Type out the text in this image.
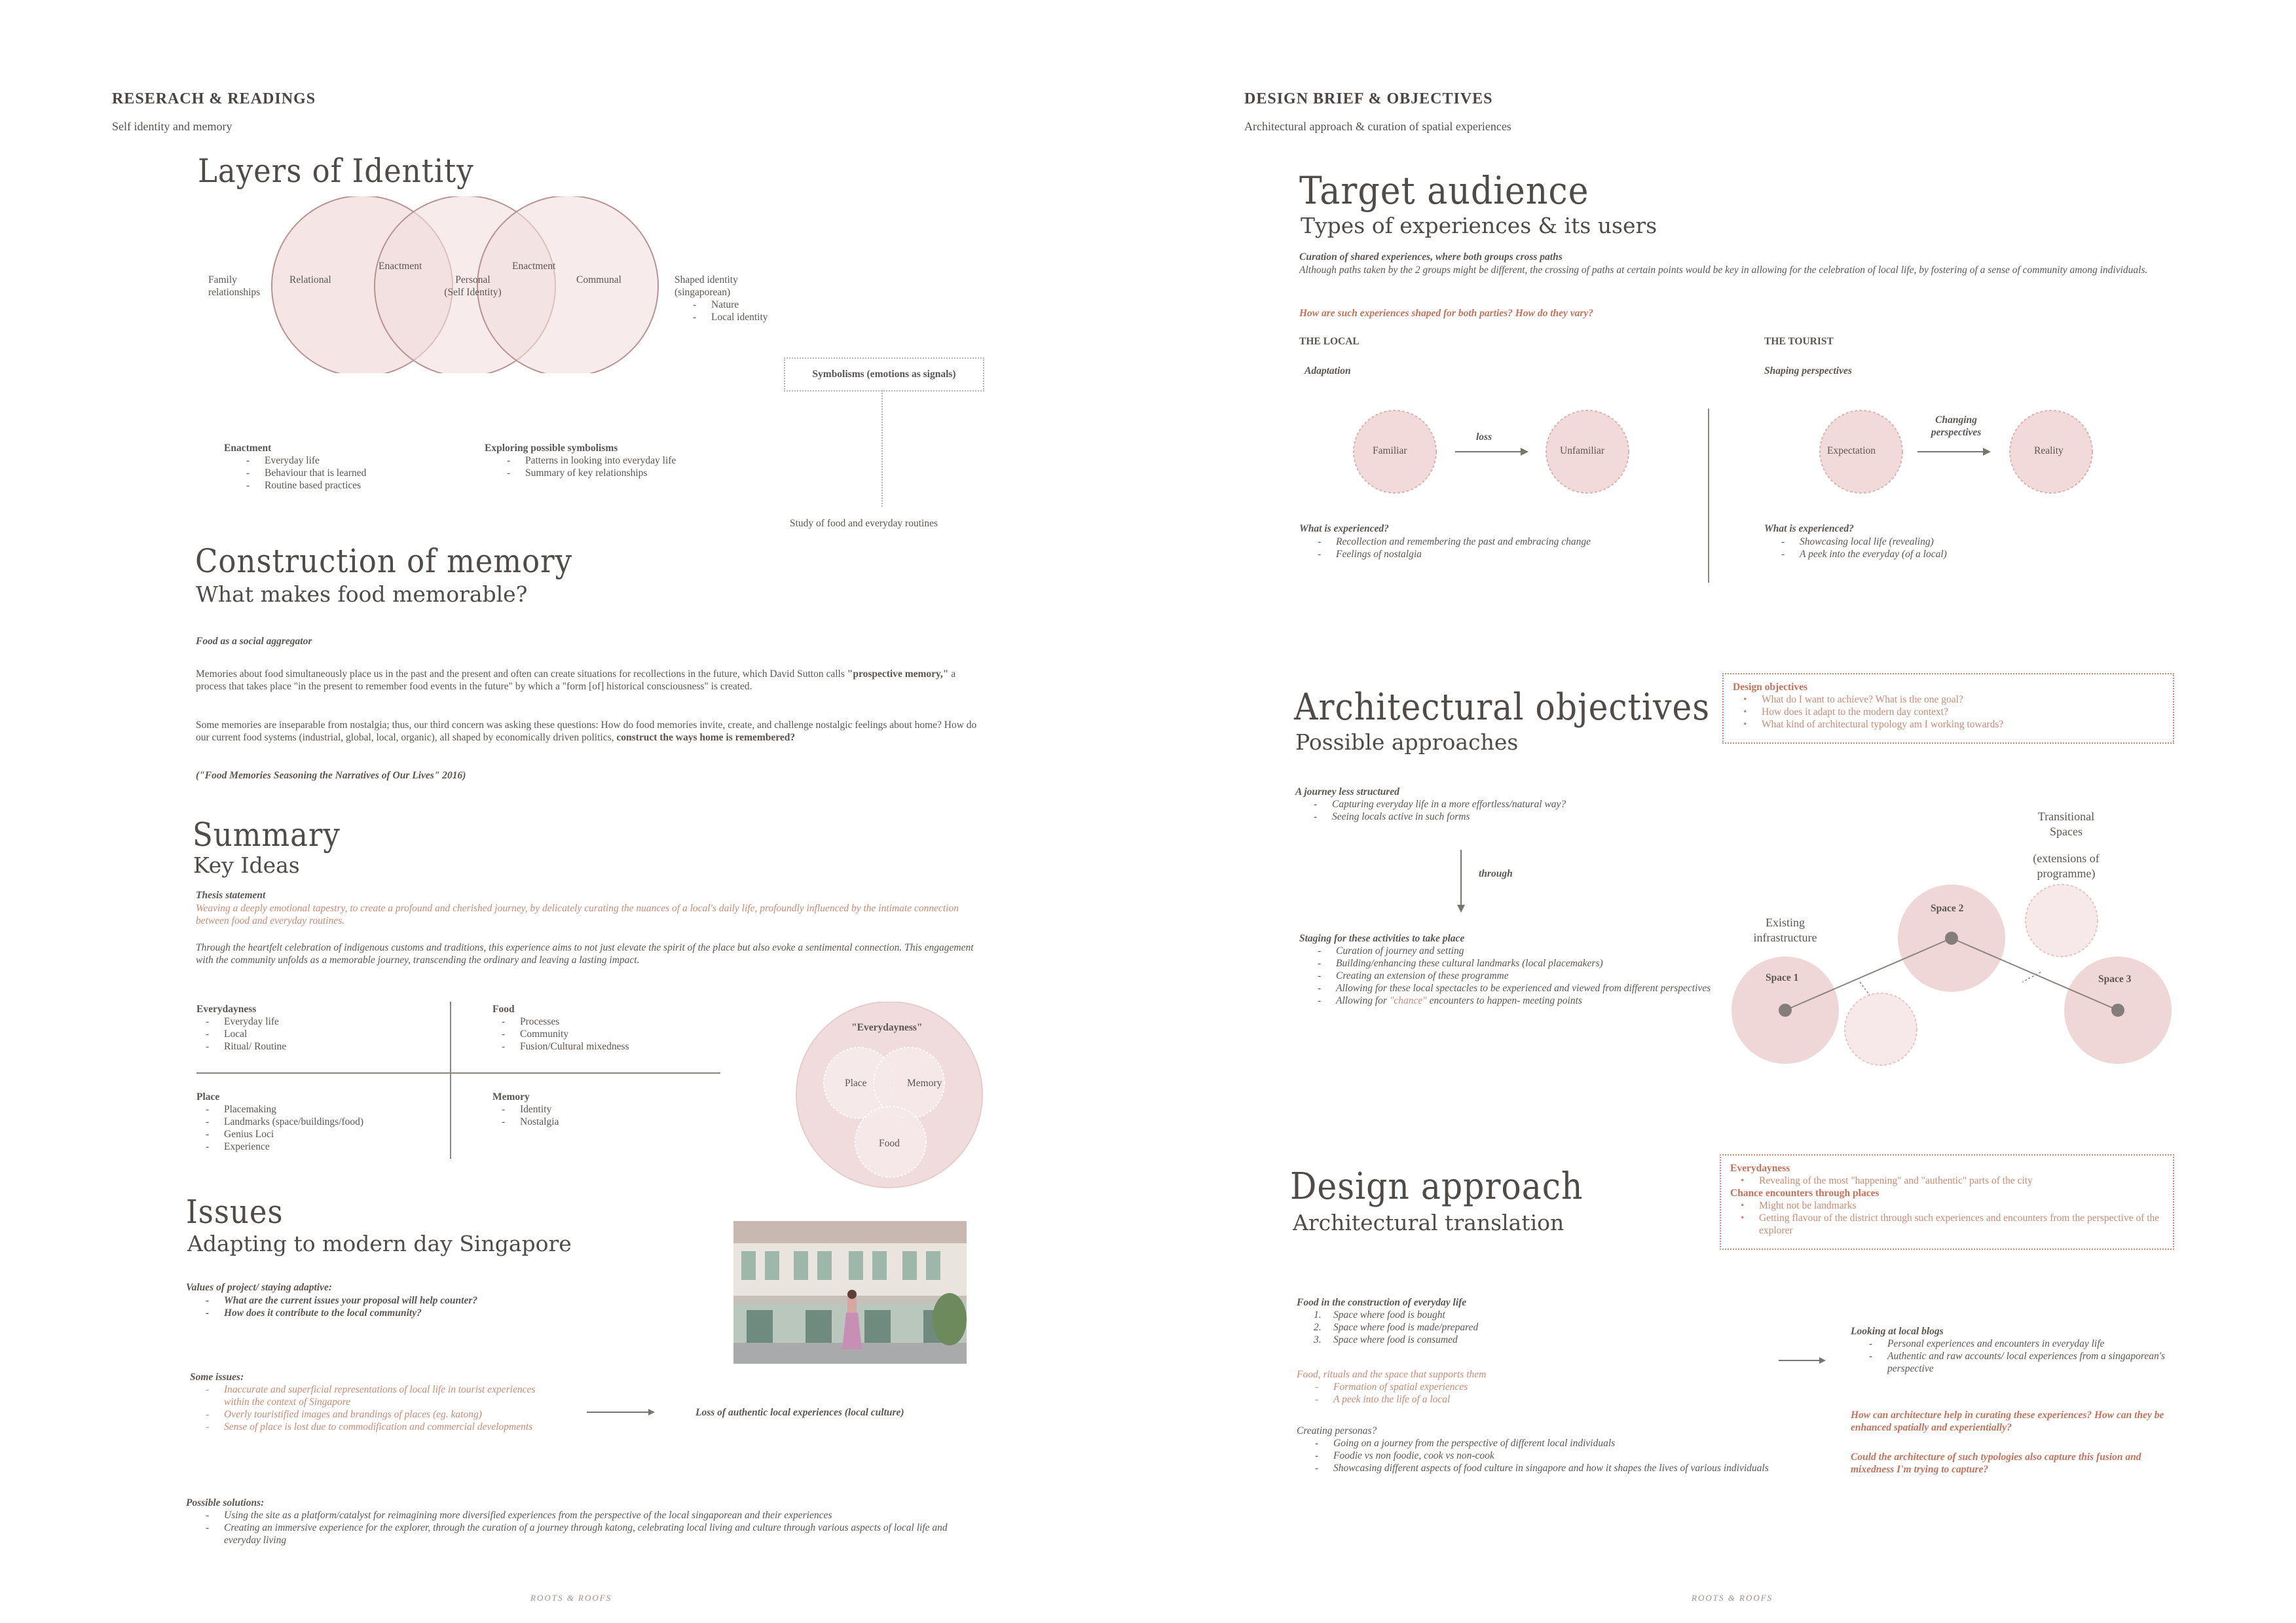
RESERACH & READINGS
Self identity and memory
Layers of Identity
Family relationships
Relational
Enactment
Personal
(Self Identity)
Enactment
Communal	Shaped identity
(singaporean)
- Nature
- Local identity
Symbolisms (emotions as signals)
Study of food and everyday routines
Enactment
- Everyday life
- Behaviour that is learned
- Routine based practices
Exploring possible symbolisms
- Patterns in looking into everyday life
- Summary of key relationships
Construction of memory
What makes food memorable?
Food as a social aggregator
Memories about food simultaneously place us in the past and the present and often can create situations for recollections in the future, which David Sutton calls "prospective memory," a process that takes place "in the present to remember food events in the future" by which a "form [of] historical consciousness" is created.
Some memories are inseparable from nostalgia; thus, our third concern was asking these questions: How do food memories invite, create, and challenge nostalgic feelings about home? How do our current food systems (industrial, global, local, organic), all shaped by economically driven politics, construct the ways home is remembered?
("Food Memories Seasoning the Narratives of Our Lives" 2016)
Summary
Key Ideas
Thesis statement
Weaving a deeply emotional tapestry, to create a profound and cherished journey, by delicately curating the nuances of a local's daily life, profoundly influenced by the intimate connection between food and everyday routines.
Through the heartfelt celebration of indigenous customs and traditions, this experience aims to not just elevate the spirit of the place but also evoke a sentimental connection. This engagement with the community unfolds as a memorable journey, transcending the ordinary and leaving a lasting impact.
Everydayness
- Everyday life
- Local
- Ritual/ Routine
Food
- Processes
- Community
- Fusion/Cultural mixedness
Place
- Placemaking
- Landmarks (space/buildings/food)
- Genius Loci
- Experience
Memory
- Identity
- Nostalgia
"Everydayness"
Place	Memory
Food
Issues
Adapting to modern day Singapore
Values of project/ staying adaptive:
- What are the current issues your proposal will help counter?
- How does it contribute to the local community?
Some issues:
- Inaccurate and superficial representations of local life in tourist experiences within the context of Singapore
- Overly touristified images and brandings of places (eg. katong)
- Sense of place is lost due to commodification and commercial developments
Loss of authentic local experiences (local culture)
Possible solutions:
- Using the site as a platform/catalyst for reimagining more diversified experiences from the perspective of the local singaporean and their experiences
- Creating an immersive experience for the explorer, through the curation of a journey through katong, celebrating local living and culture through various aspects of local life and everyday living
ROOTS & ROOFS
DESIGN BRIEF & OBJECTIVES
Architectural approach & curation of spatial experiences
Target audience
Types of experiences & its users
Curation of shared experiences, where both groups cross paths
Although paths taken by the 2 groups might be different, the crossing of paths at certain points would be key in allowing for the celebration of local life, by fostering of a sense of community among individuals.
How are such experiences shaped for both parties? How do they vary?
THE LOCAL
Adaptation
Familiar
loss
Unfamiliar
What is experienced?
- Recollection and remembering the past and embracing change
- Feelings of nostalgia
THE TOURIST
Shaping perspectives
Expectation
Changing
perspectives
Reality
What is experienced?
- Showcasing local life (revealing)
- A peek into the everyday (of a local)
Architectural objectives
Possible approaches
Design objectives
• What do I want to achieve? What is the one goal?
• How does it adapt to the modern day context?
• What kind of architectural typology am I working towards?
A journey less structured
- Capturing everyday life in a more effortless/natural way?
- Seeing locals active in such forms
through
Staging for these activities to take place
- Curation of journey and setting
- Building/enhancing these cultural landmarks (local placemakers)
- Creating an extension of these programme
- Allowing for these local spectacles to be experienced and viewed from different perspectives
- Allowing for "chance" encounters to happen- meeting points
Transitional
Spaces
(extensions of
programme)
Existing
infrastructure
Space 1
Space 2
Space 3
Design approach
Architectural translation
Everydayness
• Revealing of the most "happening" and "authentic" parts of the city
Chance encounters through places
• Might not be landmarks
• Getting flavour of the district through such experiences and encounters from the perspective of the explorer
Food in the construction of everyday life
1. Space where food is bought
2. Space where food is made/prepared
3. Space where food is consumed
Food, rituals and the space that supports them
- Formation of spatial experiences
- A peek into the life of a local
Creating personas?
- Going on a journey from the perspective of different local individuals
- Foodie vs non foodie, cook vs non-cook
- Showcasing different aspects of food culture in singapore and how it shapes the lives of various individuals
Looking at local blogs
- Personal experiences and encounters in everyday life
- Authentic and raw accounts/ local experiences from a singaporean's perspective
How can architecture help in curating these experiences? How can they be enhanced spatially and experientially?
Could the architecture of such typologies also capture this fusion and mixedness I'm trying to capture?
ROOTS & ROOFS
